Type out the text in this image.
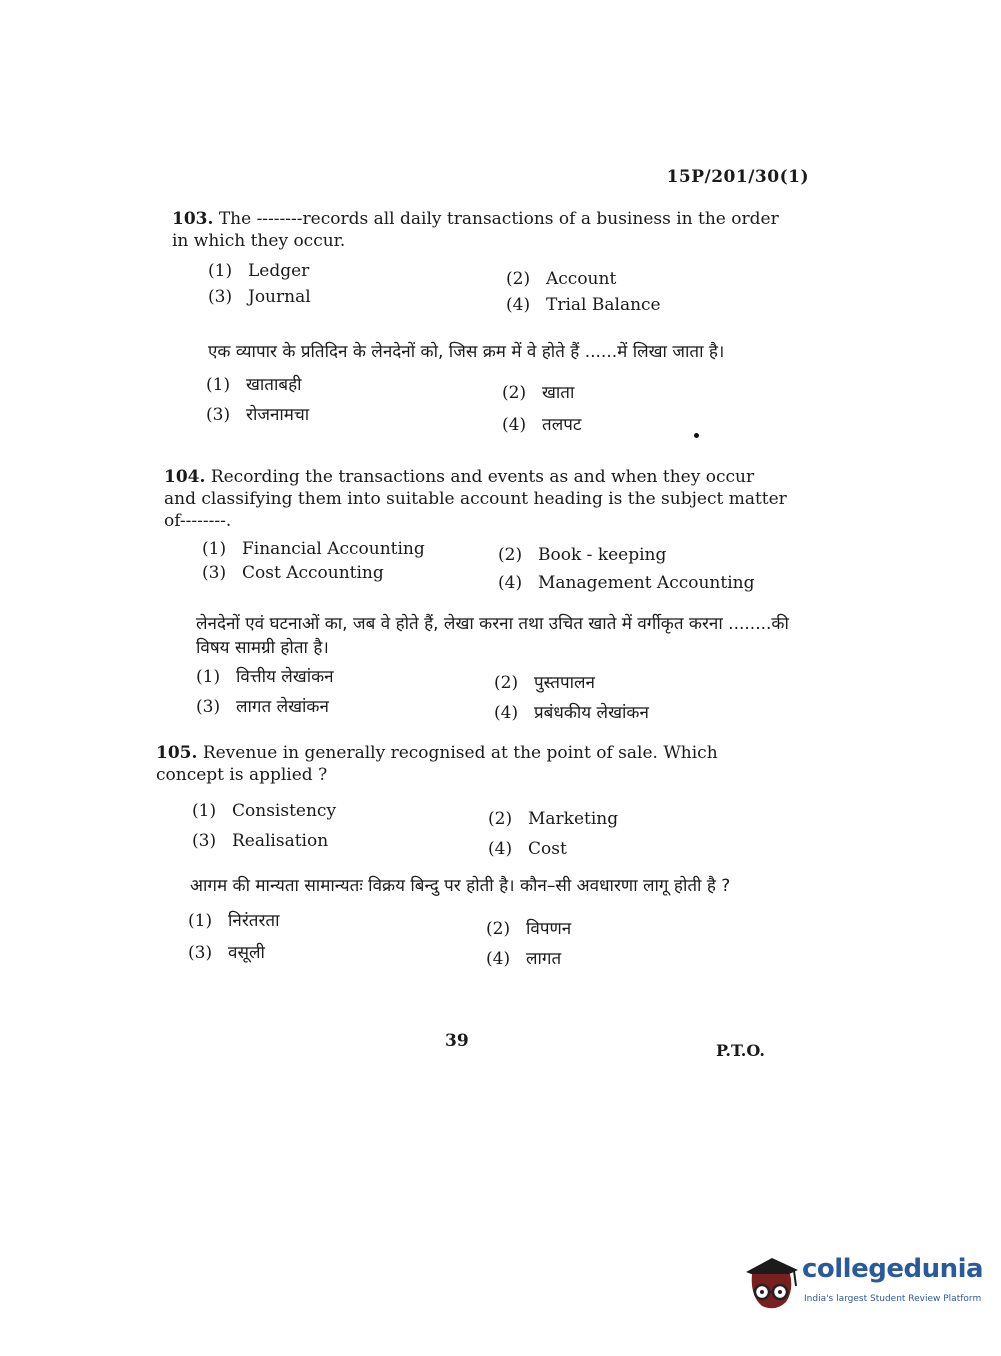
15P/201/30(1)
103. The --------records all daily transactions of a business in the order in which they occur.
(1) Ledger	(2) Account
(3) Journal	(4) Trial Balance
एक व्यापार के प्रतिदिन के लेनदेनों को, जिस क्रम में वे होते हैं ......में लिखा जाता है।
(1) खाताबही	(2) खाता
(3) रोजनामचा	(4) तलपट
104. Recording the transactions and events as and when they occur and classifying them into suitable account heading is the subject matter of--------.
(1) Financial Accounting	(2) Book - keeping
(3) Cost Accounting	(4) Management Accounting
लेनदेनों एवं घटनाओं का, जब वे होते हैं, लेखा करना तथा उचित खाते में वर्गीकृत करना ........की विषय सामग्री होता है।
(1) वित्तीय लेखांकन	(2) पुस्तपालन
(3) लागत लेखांकन	(4) प्रबंधकीय लेखांकन
105. Revenue in generally recognised at the point of sale. Which concept is applied ?
(1) Consistency	(2) Marketing
(3) Realisation	(4) Cost
आगम की मान्यता सामान्यतः विक्रय बिन्दु पर होती है। कौन–सी अवधारणा लागू होती है ?
(1) निरंतरता	(2) विपणन
(3) वसूली	(4) लागत
39	P.T.O.
collegedunia
India's largest Student Review Platform
